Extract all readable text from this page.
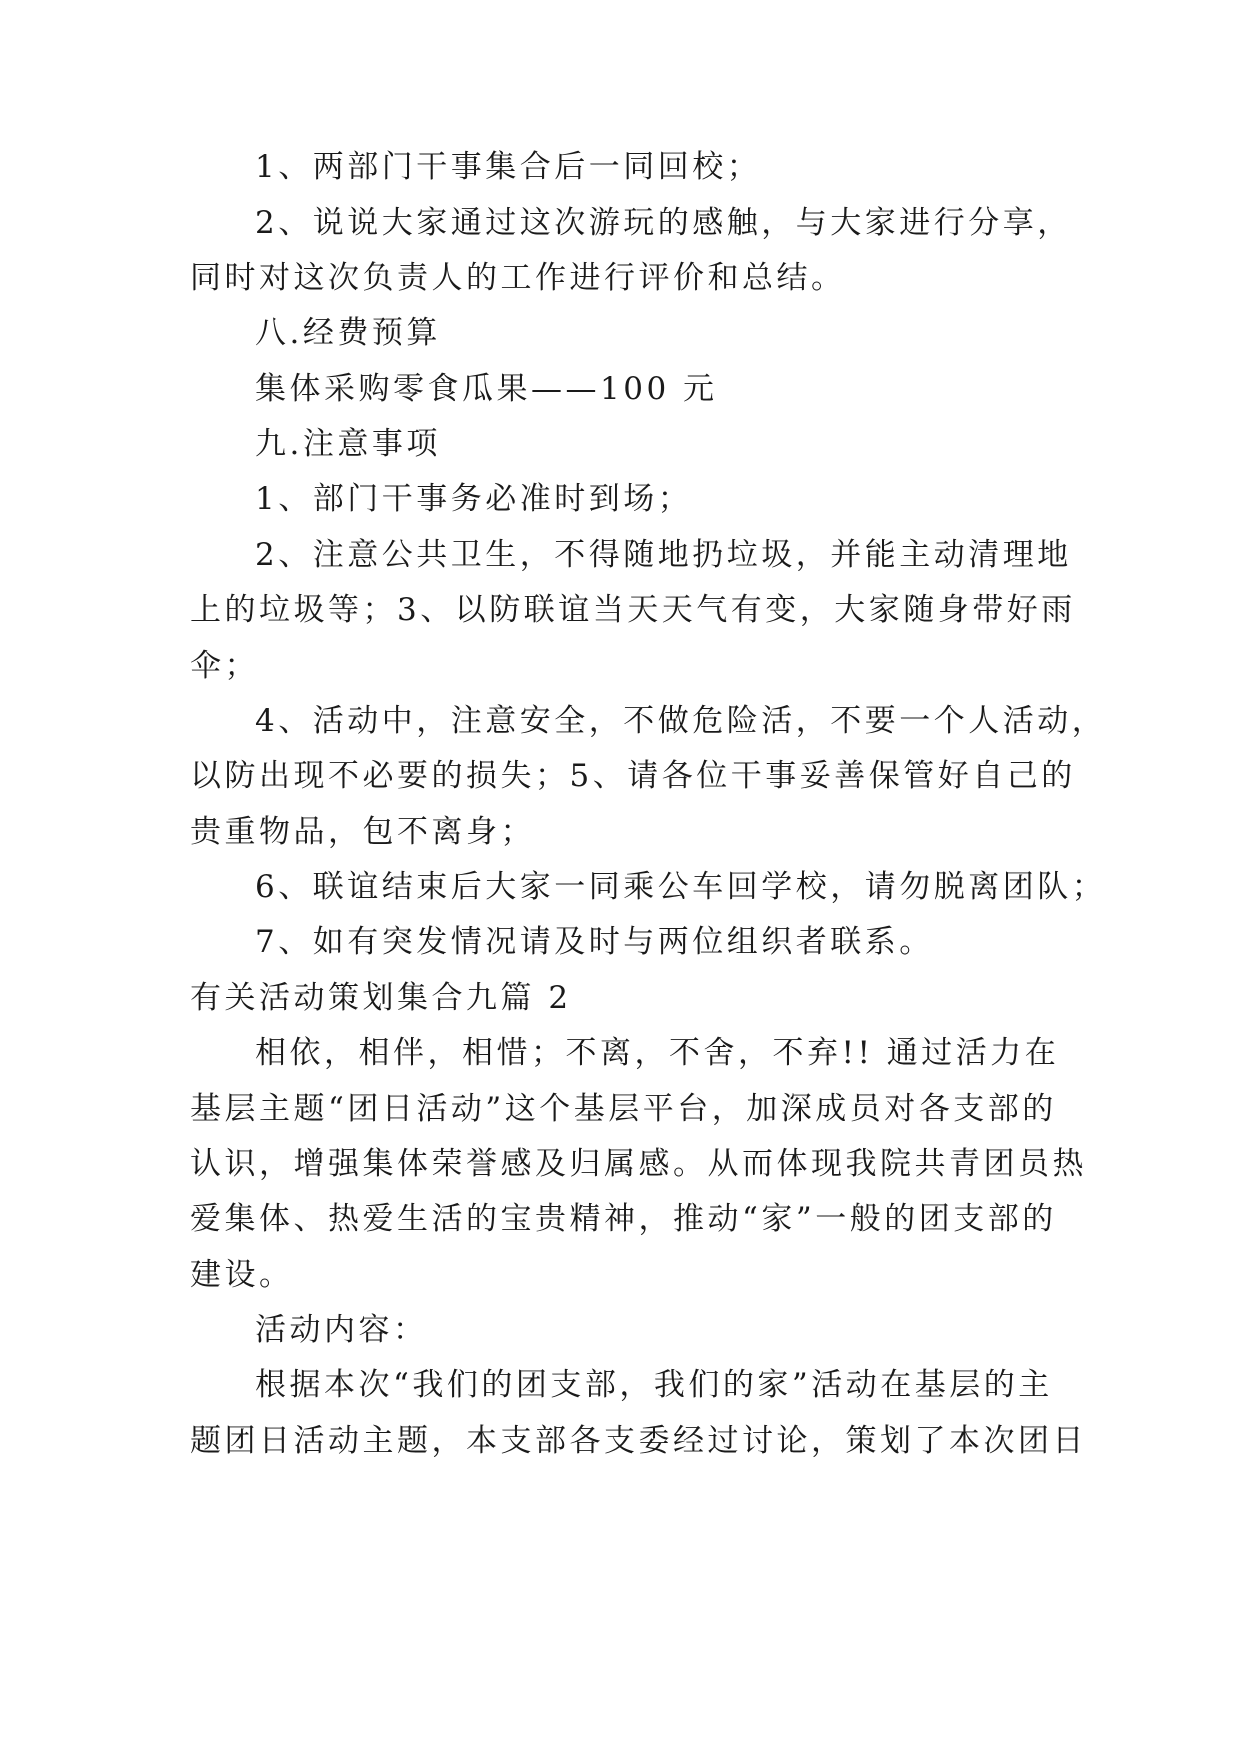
1、两部门干事集合后一同回校；
2、说说大家通过这次游玩的感触，与大家进行分享，
同时对这次负责人的工作进行评价和总结。
八.经费预算
集体采购零食瓜果——100 元
九.注意事项
1、部门干事务必准时到场；
2、注意公共卫生，不得随地扔垃圾，并能主动清理地
上的垃圾等；3、以防联谊当天天气有变，大家随身带好雨
伞；
4、活动中，注意安全，不做危险活，不要一个人活动，
以防出现不必要的损失；5、请各位干事妥善保管好自己的
贵重物品，包不离身；
6、联谊结束后大家一同乘公车回学校，请勿脱离团队；
7、如有突发情况请及时与两位组织者联系。
有关活动策划集合九篇 2
相依，相伴，相惜；不离，不舍，不弃!! 通过活力在
基层主题“团日活动”这个基层平台，加深成员对各支部的
认识，增强集体荣誉感及归属感。从而体现我院共青团员热
爱集体、热爱生活的宝贵精神，推动“家”一般的团支部的
建设。
活动内容：
根据本次“我们的团支部，我们的家”活动在基层的主
题团日活动主题，本支部各支委经过讨论，策划了本次团日
